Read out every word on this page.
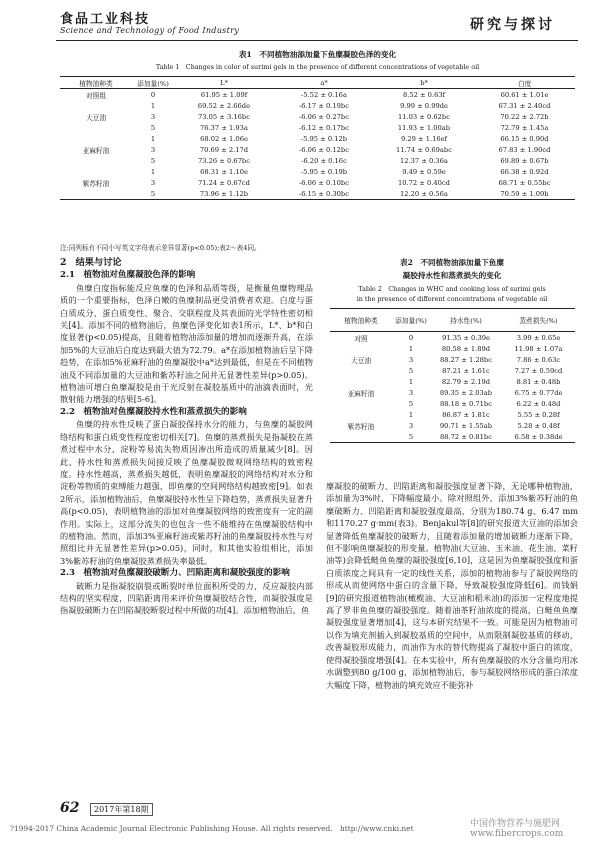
食品工业科技
Science and Technology of Food Industry	研究与探讨
表1　不同植物油添加量下鱼糜凝胶色泽的变化
Table 1　Changes in color of surimi gels in the presence of different concentrations of vegetable oil
植物油种类	添加量(%)	L*	a*	b*	白度
对照组	0	61.95 ± 1.09f	-5.52 ± 0.16a	8.52 ± 0.63f	60.61 ± 1.01e
	1	69.52 ± 2.66de	-6.17 ± 0.19bc	9.99 ± 0.99de	67.31 ± 2.40cd
大豆油	3	73.05 ± 3.16bc	-6.06 ± 0.27bc	11.03 ± 0.62bc	70.22 ± 2.72b
	5	76.37 ± 1.93a	-6.12 ± 0.17bc	11.93 ± 1.00ab	72.79 ± 1.45a
	1	68.02 ± 1.06e	-5.95 ± 0.12b	9.29 ± 1.16ef	66.15 ± 0.90d
亚麻籽油	3	70.69 ± 2.17d	-6.06 ± 0.12bc	11.74 ± 0.69abc	67.83 ± 1.90cd
	5	73.26 ± 0.67bc	-6.20 ± 0.16c	12.37 ± 0.36a	69.89 ± 0.67b
	1	68.31 ± 1.10e	-5.95 ± 0.19b	9.49 ± 0.59e	66.38 ± 0.92d
紫苏籽油	3	71.24 ± 0.67cd	-6.06 ± 0.10bc	10.72 ± 0.40cd	68.71 ± 0.55bc
	5	73.96 ± 1.12b	-6.15 ± 0.30bc	12.20 ± 0.56a	70.59 ± 1.09b
注:同列标有不同小写英文字母表示差异显著(p<0.05);表2～表4同。
2　结果与讨论
2.1　植物油对鱼糜凝胶色泽的影响

鱼糜白度指标能反应鱼糜的色泽和品质等级，是衡量鱼糜物理品质的一个重要指标，色泽白嫩的鱼糜制品更受消费者欢迎。白度与蛋白质成分、蛋白质变性、聚合、交联程度及其表面的光学特性密切相关[4]。添加不同的植物油后，鱼糜色泽变化如表1所示，L*、b*和白度显著(p<0.05)提高，且随着植物油添加量的增加而逐渐升高，在添加5%的大豆油后白度达到最大值为72.79。a*在添加植物油后呈下降趋势，在添加5%亚麻籽油的鱼糜凝胶中a*达到最低，但是在不同植物油及不同添加量的大豆油和紫苏籽油之间并无显著性差异(p>0.05)。植物油可增白鱼糜凝胶是由于光反射在凝胶基质中的油滴表面时，光散射能力增强的结果[5-6]。

2.2　植物油对鱼糜凝胶持水性和蒸煮损失的影响

鱼糜的持水性反映了蛋白凝胶保持水分的能力，与鱼糜的凝胶网络结构和蛋白质变性程度密切相关[7]。鱼糜的蒸煮损失是指凝胶在蒸煮过程中水分、淀粉等易流失物质因渗出所造成的质量减少[8]。因此，持水性和蒸煮损失间接反映了鱼糜凝胶微观网络结构的致密程度。持水性越高，蒸煮损失越低，表明鱼糜凝胶的网络结构对水分和淀粉等物质的束缚能力越强，即鱼糜的空间网络结构越致密[9]。如表2所示，添加植物油后，鱼糜凝胶持水性呈下降趋势，蒸煮损失显著升高(p<0.05)，表明植物油的添加对鱼糜凝胶网络的致密度有一定的副作用。实际上，这部分流失的也包含一些不能维持在鱼糜凝胶结构中的植物油。然而，添加3%亚麻籽油或紫苏籽油的鱼糜凝胶持水性与对照组比并无显著性差异(p>0.05)，同时，和其他实验组相比，添加3%紫苏籽油的鱼糜凝胶蒸煮损失率最低。

2.3　植物油对鱼糜凝胶破断力、凹陷距离和凝胶强度的影响

破断力是指凝胶崩裂或断裂时单位面积所受的力，反应凝胶内部结构的坚实程度，凹陷距离用来评价鱼糜凝胶结合性，而凝胶强度是指凝胶破断力在凹陷凝胶断裂过程中所做的功[4]。添加植物油后，鱼

表2　不同植物油添加量下鱼糜
凝胶持水性和蒸煮损失的变化
Table 2　Changes in WHC and cooking loss of surimi gels
in the presence of different concentrations of vegetable oil
植物油种类	添加量(%)	持水性(%)	蒸煮损失(%)
对照	0	91.35 ± 0.39e	3.99 ± 0.65e
	1	80.58 ± 1.89d	11.98 ± 1.07a
大豆油	3	88.27 ± 1.28bc	7.86 ± 0.63c
	5	87.21 ± 1.61c	7.27 ± 0.59cd
	1	82.79 ± 2.19d	8.81 ± 0.48b
亚麻籽油	3	89.35 ± 2.03ab	6.75 ± 0.77de
	5	88.18 ± 0.71bc	6.22 ± 0.48d
	1	86.87 ± 1.81c	5.55 ± 0.28f
紫苏籽油	3	90.71 ± 1.55ab	5.28 ± 0.48f
	5	88.72 ± 0.81bc	6.58 ± 0.38de

糜凝胶的破断力、凹陷距离和凝胶强度显著下降，无论哪种植物油，添加量为3%时，下降幅度最小。除对照组外，添加3%紫苏籽油的鱼糜破断力、凹陷距离和凝胶强度最高，分别为180.74 g、6.47 mm和1170.27 g·mm(表3)。Benjakul等[8]的研究报道大豆油的添加会显著降低鱼糜凝胶的破断力，且随着添加量的增加破断力逐渐下降，但不影响鱼糜凝胶的形变量。植物油(大豆油、玉米油、花生油、菜籽油等)会降低鲢鱼鱼糜的凝胶强度[6,10]，这是因为鱼糜凝胶强度和蛋白质浓度之间具有一定的线性关系，添加的植物油参与了凝胶网络的形成从而使网络中蛋白的含量下降，导致凝胶强度降低[6]。而钱娟[9]的研究报道植物油(橄榄油、大豆油和稻米油)的添加一定程度地提高了罗非鱼鱼糜的凝胶强度。随着油茶籽油浓度的提高，白鲢鱼鱼糜凝胶强度显著增加[4]，这与本研究结果不一致。可能是因为植物油可以作为填充剂插入到凝胶基质的空间中，从而限制凝胶基质的移动，改善凝胶形成能力，而油作为水的替代物提高了凝胶中蛋白的浓度，使得凝胶强度增强[4]。在本实验中，所有鱼糜凝胶的水分含量均用冰水调整到80 g/100 g，添加植物油后，参与凝胶网络形成的蛋白浓度大幅度下降，植物油的填充效应不能弥补

62	2017年第18期
?1994-2017 China Academic Journal Electronic Publishing House. All rights reserved.　http://www.cnki.net	中国作物营养与施肥网 www.fibercrops.com
